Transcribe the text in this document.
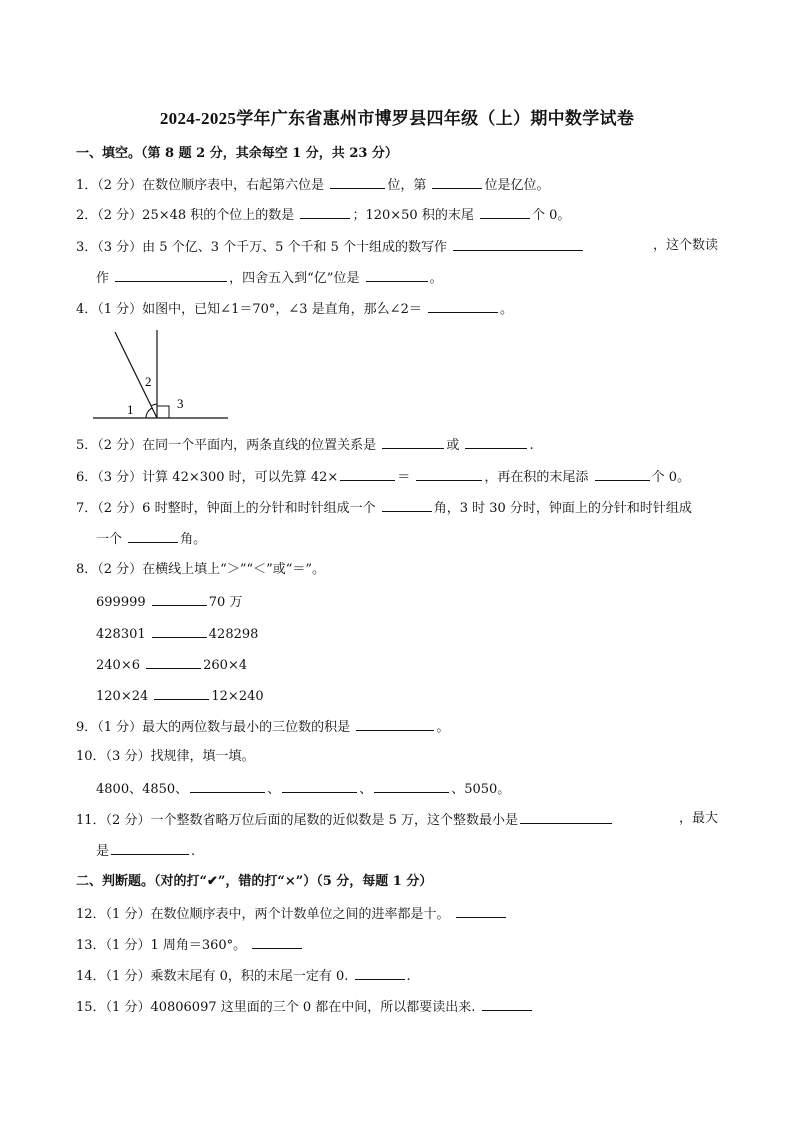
2024-2025学年广东省惠州市博罗县四年级（上）期中数学试卷
一、填空。（第 8 题 2 分，其余每空 1 分，共 23 分）
1．（2 分）在数位顺序表中，右起第六位是	位，第	位是亿位。
2．（2 分）25×48 积的个位上的数是	；120×50 积的末尾	个 0。
3．（3 分）由 5 个亿、3 个千万、5 个千和 5 个十组成的数写作	，这个数读
作	，四舍五入到“亿”位是	。
4．（1 分）如图中，已知∠1＝70°，∠3 是直角，那么∠2＝	。
1
2
3
5．（2 分）在同一个平面内，两条直线的位置关系是	或	.
6．（3 分）计算 42×300 时，可以先算 42×	＝	，再在积的末尾添	个 0。
7．（2 分）6 时整时，钟面上的分针和时针组成一个	角，3 时 30 分时，钟面上的分针和时针组成
一个	角。
8．（2 分）在横线上填上“＞”“＜”或“＝”。
699999	70 万
428301	428298
240×6	260×4
120×24	12×240
9．（1 分）最大的两位数与最小的三位数的积是	。
10．（3 分）找规律，填一填。
4800、4850、	、	、	、5050。
11．（2 分）一个整数省略万位后面的尾数的近似数是 5 万，这个整数最小是	，最大
是	.
二、判断题。（对的打“✔”，错的打“×”）（5 分，每题 1 分）
12．（1 分）在数位顺序表中，两个计数单位之间的进率都是十。
13．（1 分）1 周角＝360°。
14．（1 分）乘数末尾有 0，积的末尾一定有 0.	.
15．（1 分）40806097 这里面的三个 0 都在中间，所以都要读出来.
